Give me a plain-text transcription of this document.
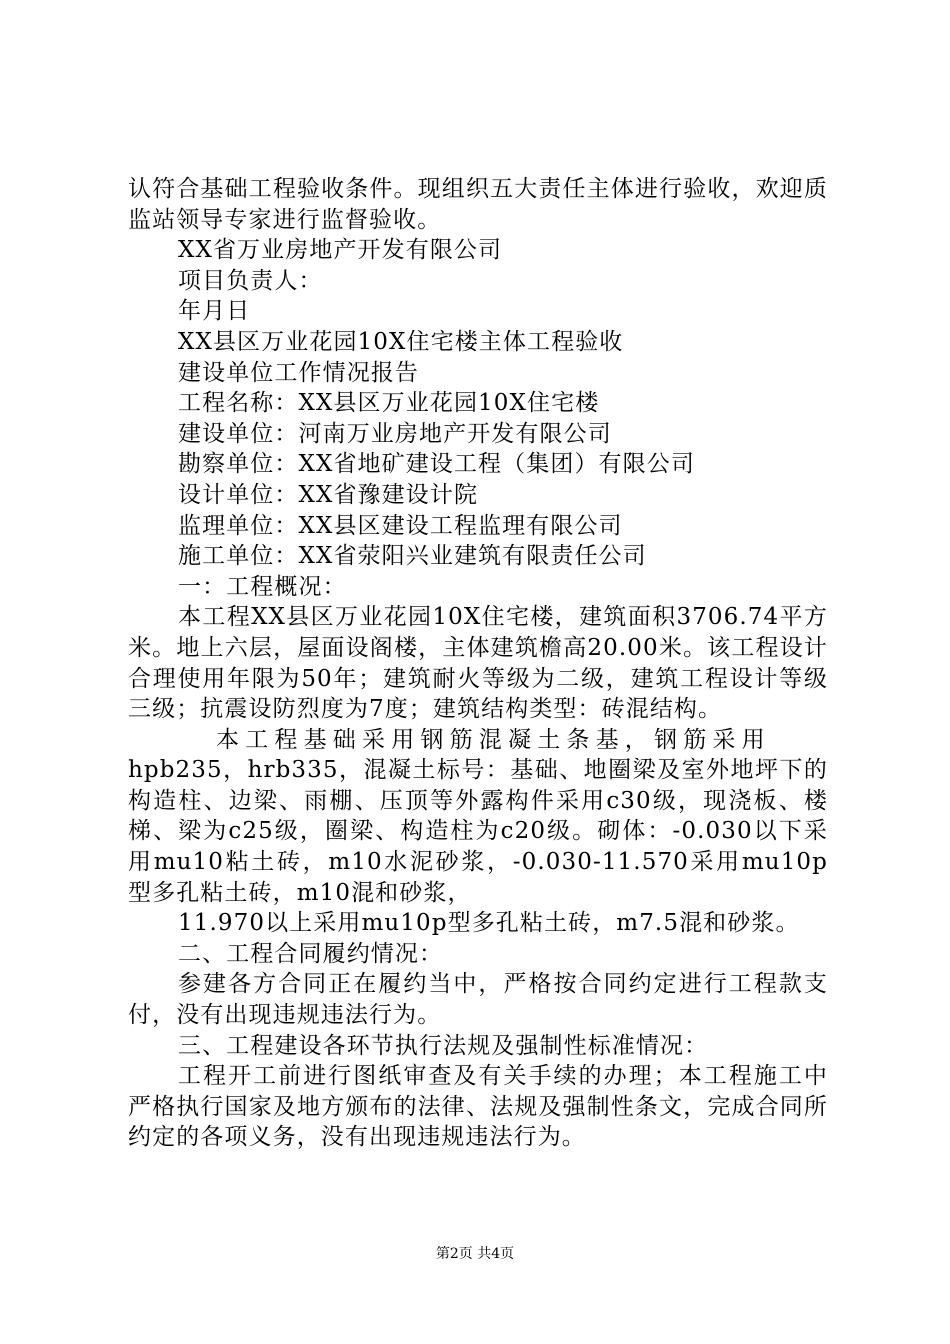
认符合基础工程验收条件。现组织五大责任主体进行验收，欢迎质监站领导专家进行监督验收。

XX省万业房地产开发有限公司

项目负责人：

年月日

XX县区万业花园10X住宅楼主体工程验收

建设单位工作情况报告

工程名称：XX县区万业花园10X住宅楼

建设单位：河南万业房地产开发有限公司

勘察单位：XX省地矿建设工程（集团）有限公司

设计单位：XX省豫建设计院

监理单位：XX县区建设工程监理有限公司

施工单位：XX省荥阳兴业建筑有限责任公司

一：工程概况：

本工程XX县区万业花园10X住宅楼，建筑面积3706.74平方米。地上六层，屋面设阁楼，主体建筑檐高20.00米。该工程设计合理使用年限为50年；建筑耐火等级为二级，建筑工程设计等级三级；抗震设防烈度为7度；建筑结构类型：砖混结构。

本工程基础采用钢筋混凝土条基，钢筋采用

hpb235，hrb335，混凝土标号：基础、地圈梁及室外地坪下的构造柱、边梁、雨棚、压顶等外露构件采用c30级，现浇板、楼梯、梁为c25级，圈梁、构造柱为c20级。砌体：-0.030以下采用mu10粘土砖，m10水泥砂浆，-0.030-11.570采用mu10p型多孔粘土砖，m10混和砂浆，

11.970以上采用mu10p型多孔粘土砖，m7.5混和砂浆。

二、工程合同履约情况：

参建各方合同正在履约当中，严格按合同约定进行工程款支付，没有出现违规违法行为。

三、工程建设各环节执行法规及强制性标准情况：

工程开工前进行图纸审查及有关手续的办理；本工程施工中严格执行国家及地方颁布的法律、法规及强制性条文，完成合同所约定的各项义务，没有出现违规违法行为。

第2页 共4页
